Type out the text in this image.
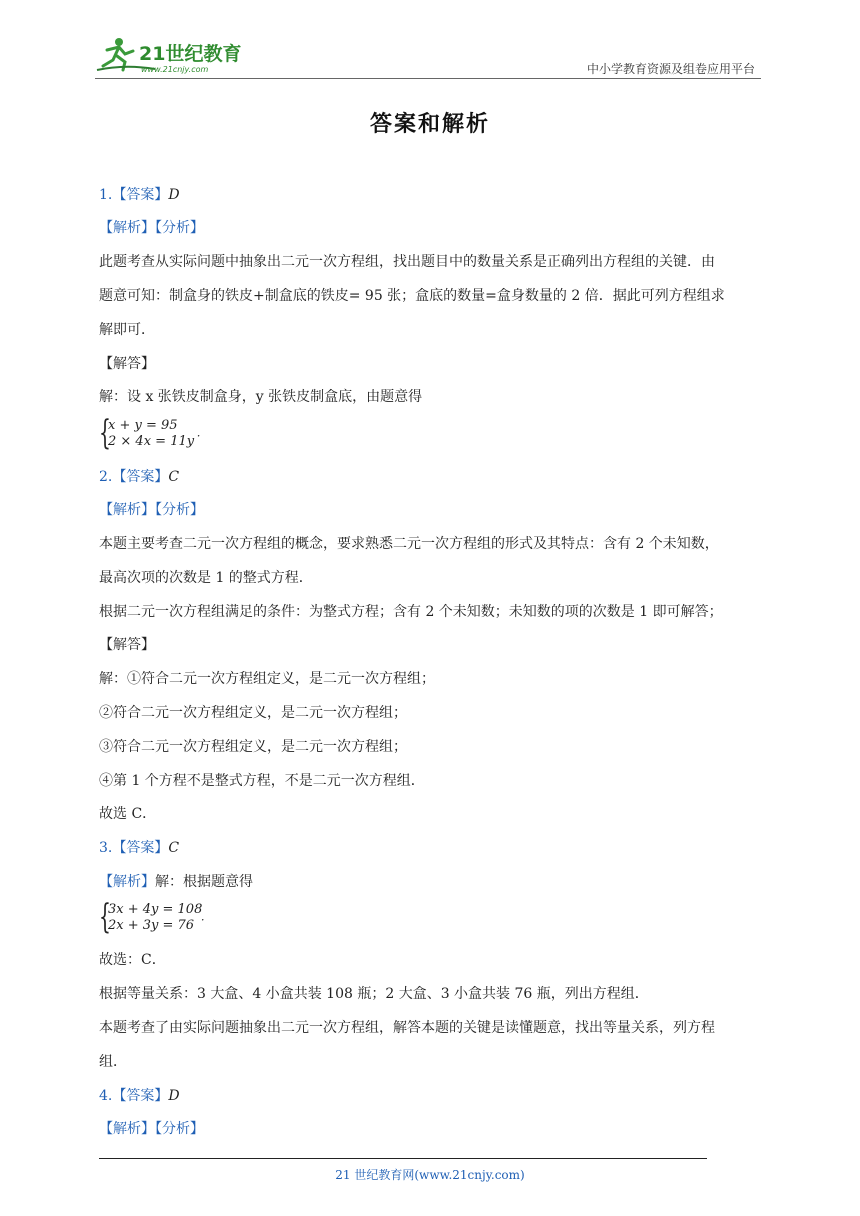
21世纪教育
www.21cnjy.com	中小学教育资源及组卷应用平台
答案和解析
1.【答案】D
【解析】【分析】
此题考查从实际问题中抽象出二元一次方程组，找出题目中的数量关系是正确列出方程组的关键．由
题意可知：制盒身的铁皮+制盒底的铁皮= 95 张；盒底的数量=盒身数量的 2 倍．据此可列方程组求
解即可．
【解答】
解：设 x 张铁皮制盒身，y 张铁皮制盒底，由题意得
{
x + y = 95
2 × 4x = 11y˙
2.【答案】C
【解析】【分析】
本题主要考查二元一次方程组的概念，要求熟悉二元一次方程组的形式及其特点：含有 2 个未知数，
最高次项的次数是 1 的整式方程．
根据二元一次方程组满足的条件：为整式方程；含有 2 个未知数；未知数的项的次数是 1 即可解答；
【解答】
解：①符合二元一次方程组定义，是二元一次方程组；
②符合二元一次方程组定义，是二元一次方程组；
③符合二元一次方程组定义，是二元一次方程组；
④第 1 个方程不是整式方程，不是二元一次方程组．
故选 C．
3.【答案】C
【解析】解：根据题意得
{
3x + 4y = 108
2x + 3y = 76 ˙
故选：C．
根据等量关系：3 大盒、4 小盒共装 108 瓶；2 大盒、3 小盒共装 76 瓶，列出方程组．
本题考查了由实际问题抽象出二元一次方程组，解答本题的关键是读懂题意，找出等量关系，列方程
组．
4.【答案】D
【解析】【分析】
21 世纪教育网(www.21cnjy.com)
